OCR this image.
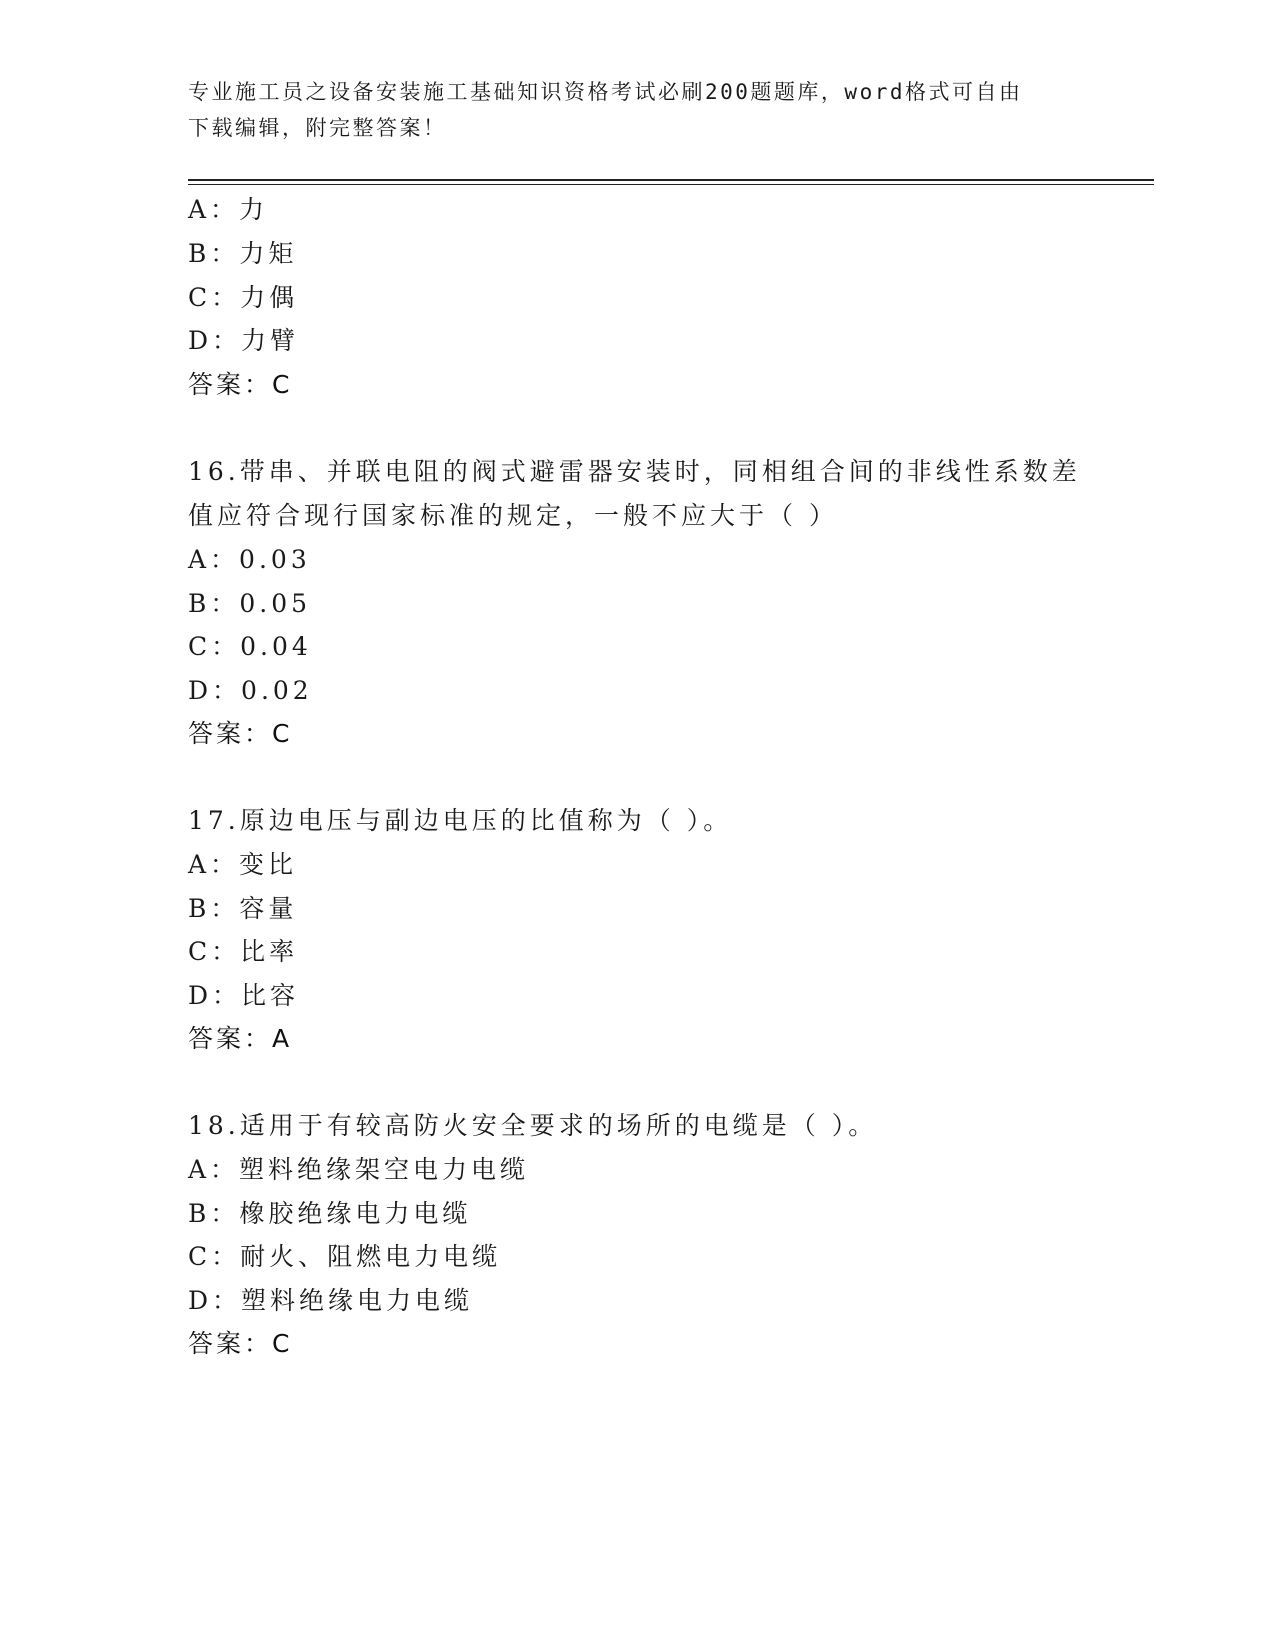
专业施工员之设备安装施工基础知识资格考试必刷200题题库，word格式可自由
下载编辑，附完整答案！
A：力
B：力矩
C：力偶
D：力臂
答案：C
16.带串、并联电阻的阀式避雷器安装时，同相组合间的非线性系数差
值应符合现行国家标准的规定，一般不应大于（ ）
A：0.03
B：0.05
C：0.04
D：0.02
答案：C
17.原边电压与副边电压的比值称为（ ）。
A：变比
B：容量
C：比率
D：比容
答案：A
18.适用于有较高防火安全要求的场所的电缆是（ ）。
A：塑料绝缘架空电力电缆
B：橡胶绝缘电力电缆
C：耐火、阻燃电力电缆
D：塑料绝缘电力电缆
答案：C
